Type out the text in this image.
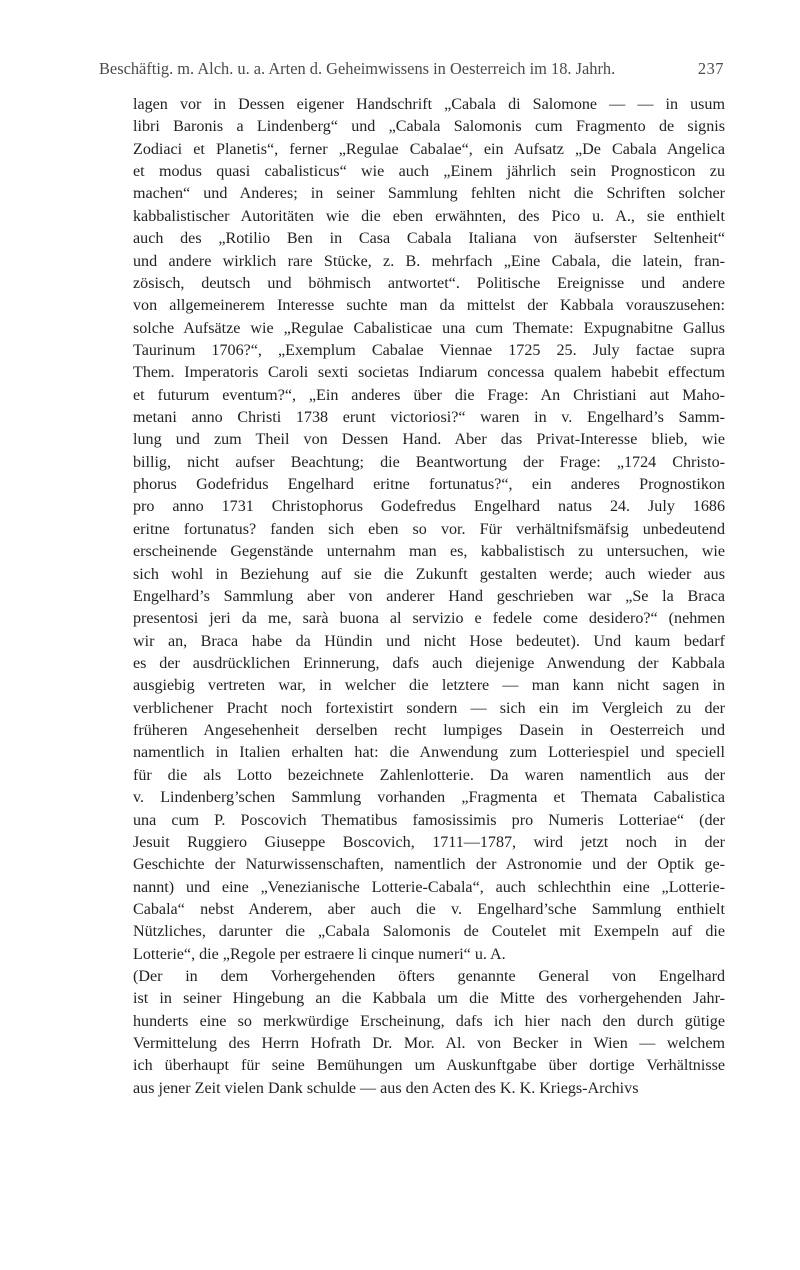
Beschäftig. m. Alch. u. a. Arten d. Geheimwissens in Oesterreich im 18. Jahrh.	237
lagen vor in Dessen eigener Handschrift „Cabala di Salomone — — in usum
libri Baronis a Lindenberg“ und „Cabala Salomonis cum Fragmento de signis
Zodiaci et Planetis“, ferner „Regulae Cabalae“, ein Aufsatz „De Cabala Angelica
et modus quasi cabalisticus“ wie auch „Einem jährlich sein Prognosticon zu
machen“ und Anderes; in seiner Sammlung fehlten nicht die Schriften solcher
kabbalistischer Autoritäten wie die eben erwähnten, des Pico u. A., sie enthielt
auch des „Rotilio Ben in Casa Cabala Italiana von äufserster Seltenheit“
und andere wirklich rare Stücke, z. B. mehrfach „Eine Cabala, die latein, fran-
zösisch, deutsch und böhmisch antwortet“. Politische Ereignisse und andere
von allgemeinerem Interesse suchte man da mittelst der Kabbala vorauszusehen:
solche Aufsätze wie „Regulae Cabalisticae una cum Themate: Expugnabitne Gallus
Taurinum 1706?“, „Exemplum Cabalae Viennae 1725 25. July factae supra
Them. Imperatoris Caroli sexti societas Indiarum concessa qualem habebit effectum
et futurum eventum?“, „Ein anderes über die Frage: An Christiani aut Maho-
metani anno Christi 1738 erunt victoriosi?“ waren in v. Engelhard’s Samm-
lung und zum Theil von Dessen Hand. Aber das Privat-Interesse blieb, wie
billig, nicht aufser Beachtung; die Beantwortung der Frage: „1724 Christo-
phorus Godefridus Engelhard eritne fortunatus?“, ein anderes Prognostikon
pro anno 1731 Christophorus Godefredus Engelhard natus 24. July 1686
eritne fortunatus? fanden sich eben so vor. Für verhältnifsmäfsig unbedeutend
erscheinende Gegenstände unternahm man es, kabbalistisch zu untersuchen, wie
sich wohl in Beziehung auf sie die Zukunft gestalten werde; auch wieder aus
Engelhard’s Sammlung aber von anderer Hand geschrieben war „Se la Braca
presentosi jeri da me, sarà buona al servizio e fedele come desidero?“ (nehmen
wir an, Braca habe da Hündin und nicht Hose bedeutet). Und kaum bedarf
es der ausdrücklichen Erinnerung, dafs auch diejenige Anwendung der Kabbala
ausgiebig vertreten war, in welcher die letztere — man kann nicht sagen in
verblichener Pracht noch fortexistirt sondern — sich ein im Vergleich zu der
früheren Angesehenheit derselben recht lumpiges Dasein in Oesterreich und
namentlich in Italien erhalten hat: die Anwendung zum Lotteriespiel und speciell
für die als Lotto bezeichnete Zahlenlotterie. Da waren namentlich aus der
v. Lindenberg’schen Sammlung vorhanden „Fragmenta et Themata Cabalistica
una cum P. Poscovich Thematibus famosissimis pro Numeris Lotteriae“ (der
Jesuit Ruggiero Giuseppe Boscovich, 1711—1787, wird jetzt noch in der
Geschichte der Naturwissenschaften, namentlich der Astronomie und der Optik ge-
nannt) und eine „Venezianische Lotterie-Cabala“, auch schlechthin eine „Lotterie-
Cabala“ nebst Anderem, aber auch die v. Engelhard’sche Sammlung enthielt
Nützliches, darunter die „Cabala Salomonis de Coutelet mit Exempeln auf die
Lotterie“, die „Regole per estraere li cinque numeri“ u. A.
(Der in dem Vorhergehenden öfters genannte General von Engelhard
ist in seiner Hingebung an die Kabbala um die Mitte des vorhergehenden Jahr-
hunderts eine so merkwürdige Erscheinung, dafs ich hier nach den durch gütige
Vermittelung des Herrn Hofrath Dr. Mor. Al. von Becker in Wien — welchem
ich überhaupt für seine Bemühungen um Auskunftgabe über dortige Verhältnisse
aus jener Zeit vielen Dank schulde — aus den Acten des K. K. Kriegs-Archivs
